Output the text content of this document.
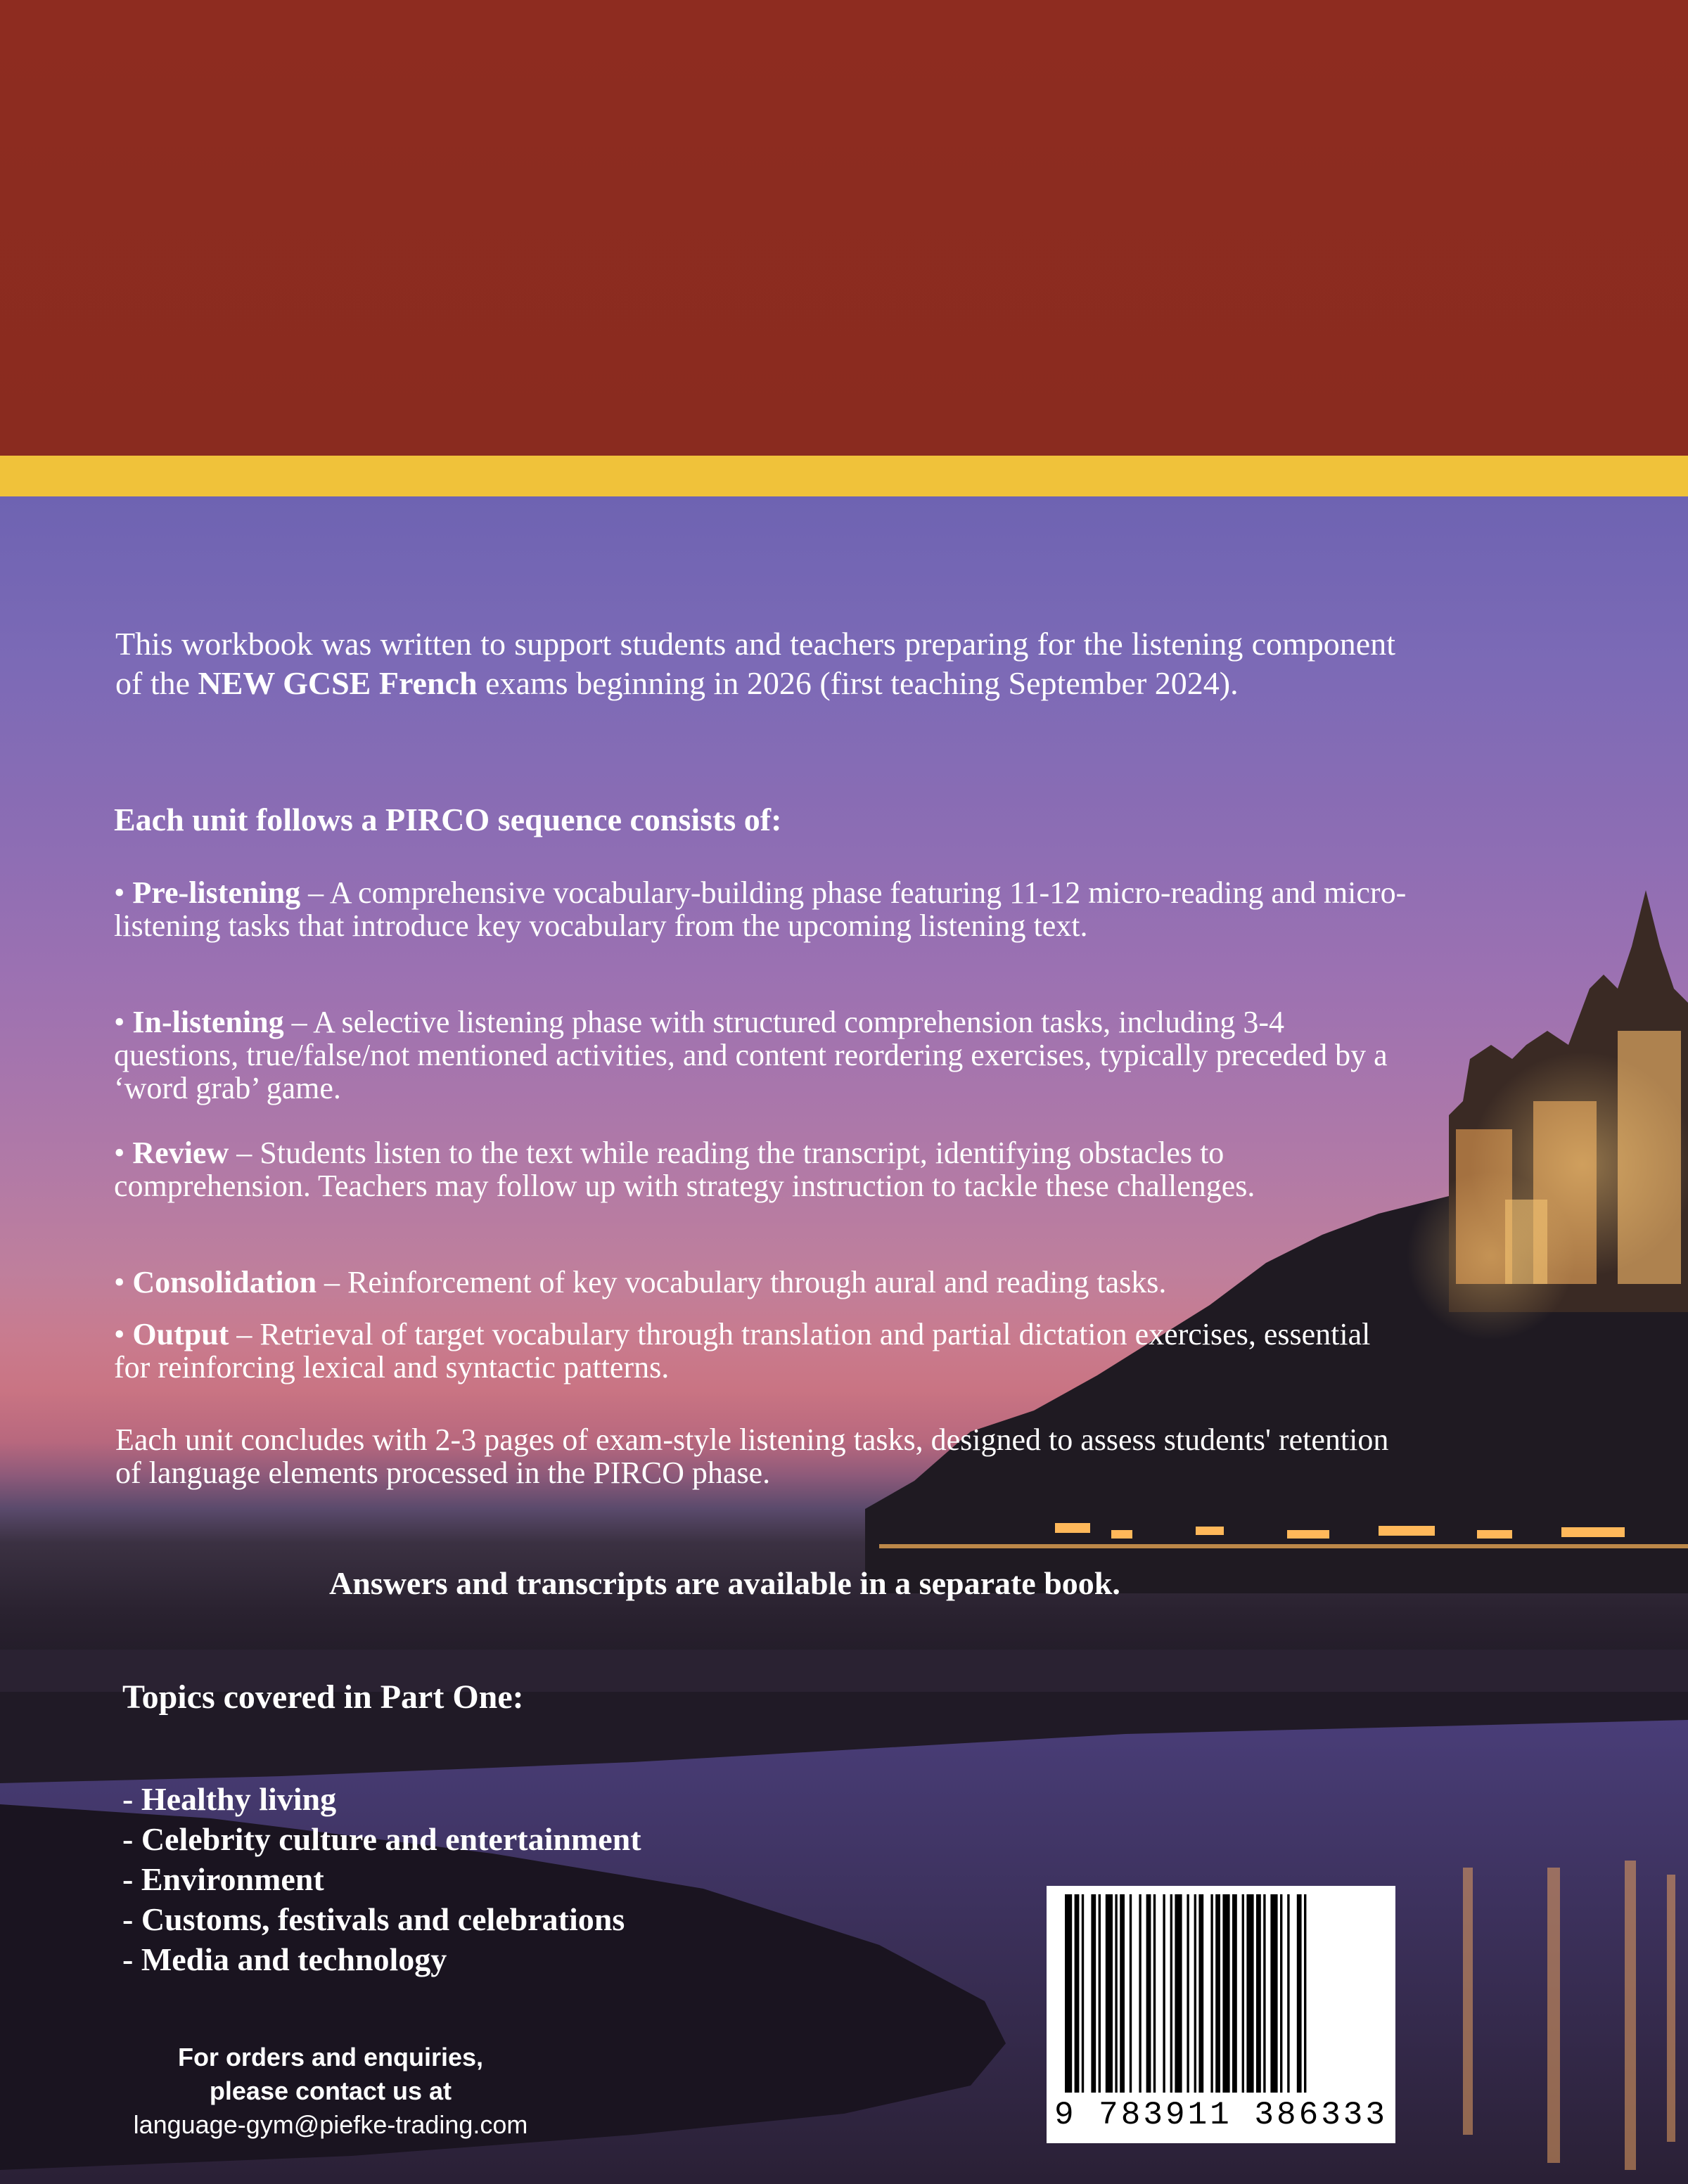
This workbook was written to support students and teachers preparing for the listening component of the NEW GCSE French exams beginning in 2026 (first teaching September 2024).
Each unit follows a PIRCO sequence consists of:
• Pre-listening – A comprehensive vocabulary-building phase featuring 11-12 micro-reading and micro-listening tasks that introduce key vocabulary from the upcoming listening text.
• In-listening – A selective listening phase with structured comprehension tasks, including 3-4 questions, true/false/not mentioned activities, and content reordering exercises, typically preceded by a ‘word grab’ game.
• Review – Students listen to the text while reading the transcript, identifying obstacles to comprehension. Teachers may follow up with strategy instruction to tackle these challenges.
• Consolidation – Reinforcement of key vocabulary through aural and reading tasks.
• Output – Retrieval of target vocabulary through translation and partial dictation exercises, essential for reinforcing lexical and syntactic patterns.
Each unit concludes with 2-3 pages of exam-style listening tasks, designed to assess students' retention of language elements processed in the PIRCO phase.
Answers and transcripts are available in a separate book.
Topics covered in Part One:
- Healthy living
- Celebrity culture and entertainment
- Environment
- Customs, festivals and celebrations
- Media and technology
For orders and enquiries,
please contact us at
language-gym@piefke-trading.com	9 783911 386333
